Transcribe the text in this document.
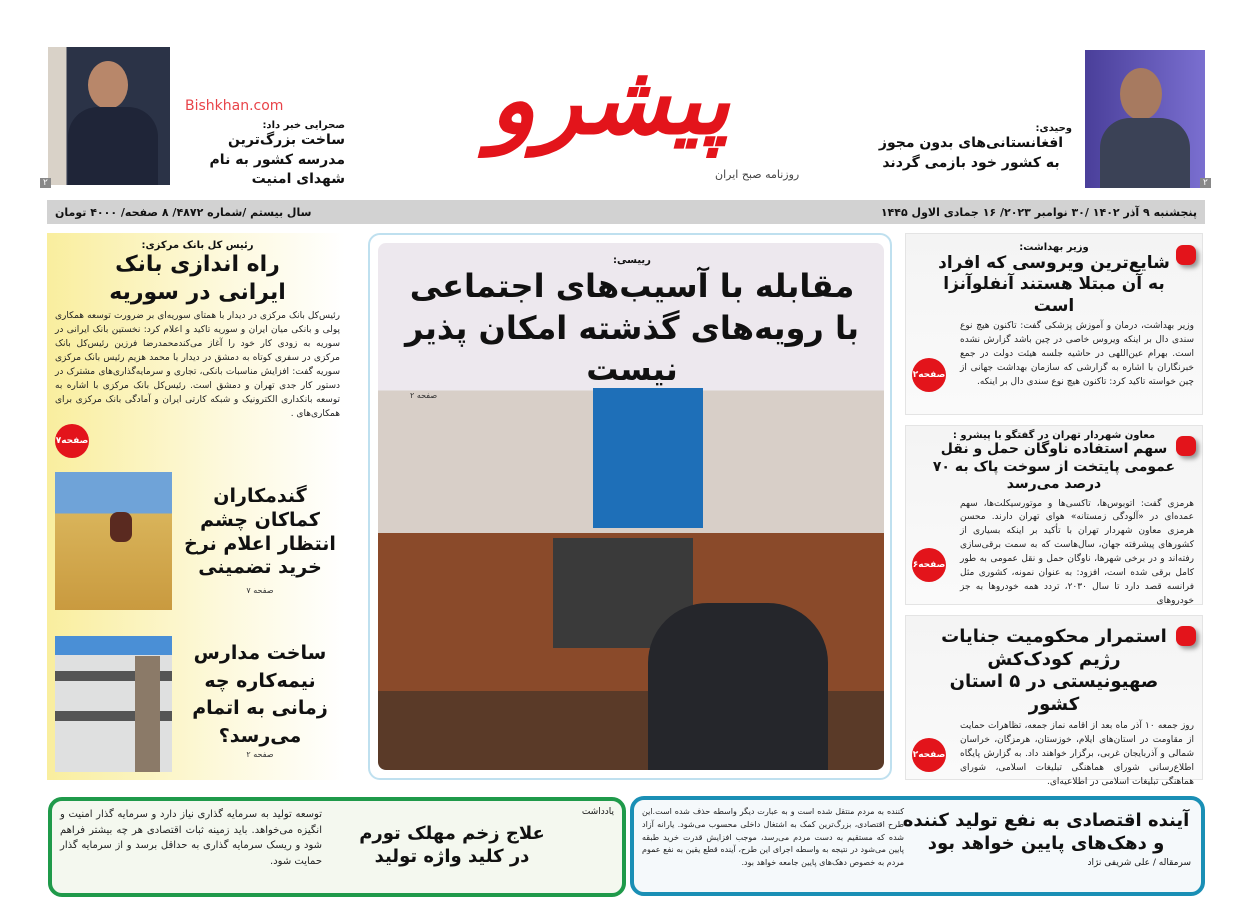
پیشرو
روزنامه صبح ایران
۲
Bishkhan.com
صحرایی خبر داد:
ساخت بزرگ‌ترین مدرسه کشور به نام شهدای امنیت	۲
وحیدی:
افغانستانی‌های بدون مجوز به کشور خود بازمی گردند
پنجشنبه ۹ آذر ۱۴۰۲ /۳۰ نوامبر ۲۰۲۳/ ۱۶ جمادی الاول ۱۴۴۵
سال بیستم /شماره ۴۸۷۲/ ۸ صفحه/ ۴۰۰۰ تومان
رئیس کل بانک مرکزی:
راه اندازی بانک ایرانی در سوریه
رئیس‌کل بانک مرکزی در دیدار با همتای سوریه‌ای بر ضرورت توسعه همکاری پولی و بانکی میان ایران و سوریه تاکید و اعلام کرد: نخستین بانک ایرانی در سوریه به زودی کار خود را آغاز می‌کندمحمدرضا فرزین رئیس‌کل بانک مرکزی در سفری کوتاه به دمشق در دیدار با محمد هزیم رئیس بانک مرکزی سوریه گفت: افزایش مناسبات بانکی، تجاری و سرمایه‌گذاری‌های مشترک در دستور کار جدی تهران و دمشق است. رئیس‌کل بانک مرکزی با اشاره به توسعه بانکداری الکترونیک و شبکه کارتی ایران و آمادگی بانک مرکزی برای همکاری‌های .
صفحه۷
گندمکاران کماکان چشم انتظار اعلام نرخ خرید تضمینی
صفحه ۷
ساخت مدارس نیمه‌کاره چه زمانی به اتمام می‌رسد؟
صفحه ۲
رییسی:
مقابله با آسیب‌های اجتماعی با رویه‌های گذشته امکان پذیر نیست
صفحه ۲
وزیر بهداشت:
شایع‌ترین ویروسی که افراد به آن مبتلا هستند آنفلوآنزا است
وزیر بهداشت، درمان و آموزش پزشکی گفت: تاکنون هیچ نوع سندی دال بر اینکه ویروس خاصی در چین باشد گزارش نشده است. بهرام عین‌اللهی در حاشیه جلسه هیئت دولت در جمع خبرنگاران با اشاره به گزارشی که سازمان بهداشت جهانی از چین خواسته تاکید کرد: تاکنون هیچ نوع سندی دال بر اینکه.
صفحه۲
معاون شهردار تهران در گفتگو با پیشرو :
سهم استفاده ناوگان حمل و نقل عمومی پایتخت از سوخت پاک به ۷۰ درصد می‌رسد
هرمزی گفت: اتوبوس‌ها، تاکسی‌ها و موتورسیکلت‌ها، سهم عمده‌ای در «آلودگی زمستانه» هوای تهران دارند. محسن هرمزی معاون شهردار تهران با تأکید بر اینکه بسیاری از کشورهای پیشرفته جهان، سال‌هاست که به سمت برقی‌سازی رفته‌اند و در برخی شهرها، ناوگان حمل و نقل عمومی به طور کامل برقی شده است، افزود: به عنوان نمونه، کشوری مثل فرانسه قصد دارد تا سال ۲۰۳۰، تردد همه خودروها به جز خودروهای
صفحه۶
استمرار محکومیت جنایات رژیم کودک‌کش صهیونیستی در ۵ استان کشور
روز جمعه ۱۰ آذر ماه بعد از اقامه نماز جمعه، تظاهرات حمایت از مقاومت در استان‌های ایلام، خوزستان، هرمزگان، خراسان شمالی و آذربایجان غربی، برگزار خواهند داد. به گزارش پایگاه اطلاع‌رسانی شورای هماهنگی تبلیغات اسلامی، شورای هماهنگی تبلیغات اسلامی در اطلاعیه‌ای.
صفحه۲
یادداشت
علاج زخم مهلک تورم در کلید واژه تولید
توسعه تولید به سرمایه گذاری نیاز دارد و سرمایه گذار امنیت و انگیزه می‌خواهد. باید زمینه ثبات اقتصادی هر چه بیشتر فراهم شود و ریسک سرمایه گذاری به حداقل برسد و از سرمایه گذار حمایت شود.
آینده اقتصادی به نفع تولید کننده و دهک‌های پایین خواهد بود
سرمقاله / علی شریفی نژاد
کننده به مردم منتقل شده است و به عبارت دیگر واسطه حذف شده است.این طرح اقتصادی، بزرگ‌ترین کمک به اشتغال داخلی محسوب می‌شود. یارانه آزاد شده که مستقیم به دست مردم می‌رسد، موجب افزایش قدرت خرید طبقه پایین می‌شود در نتیجه به واسطه اجرای این طرح، آینده قطع یقین به نفع عموم مردم به خصوص دهک‌های پایین جامعه خواهد بود.
